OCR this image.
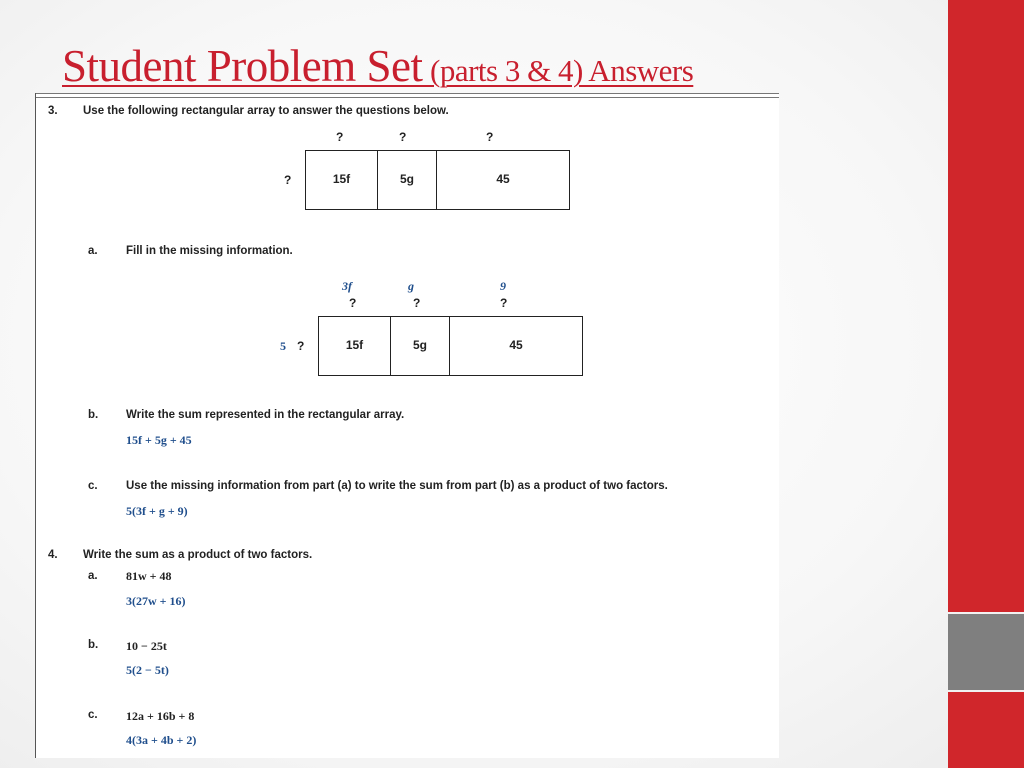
Student Problem Set (parts 3 & 4) Answers
3. Use the following rectangular array to answer the questions below.
?	?	?
?	15f	5g	45
a. Fill in the missing information.
3f	g	9
?	?	?
5 ?	15f	5g	45
b. Write the sum represented in the rectangular array.
15f + 5g + 45
c. Use the missing information from part (a) to write the sum from part (b) as a product of two factors.
5(3f + g + 9)
4. Write the sum as a product of two factors.
a. 81w + 48
3(27w + 16)
b. 10 − 25t
5(2 − 5t)
c. 12a + 16b + 8
4(3a + 4b + 2)
